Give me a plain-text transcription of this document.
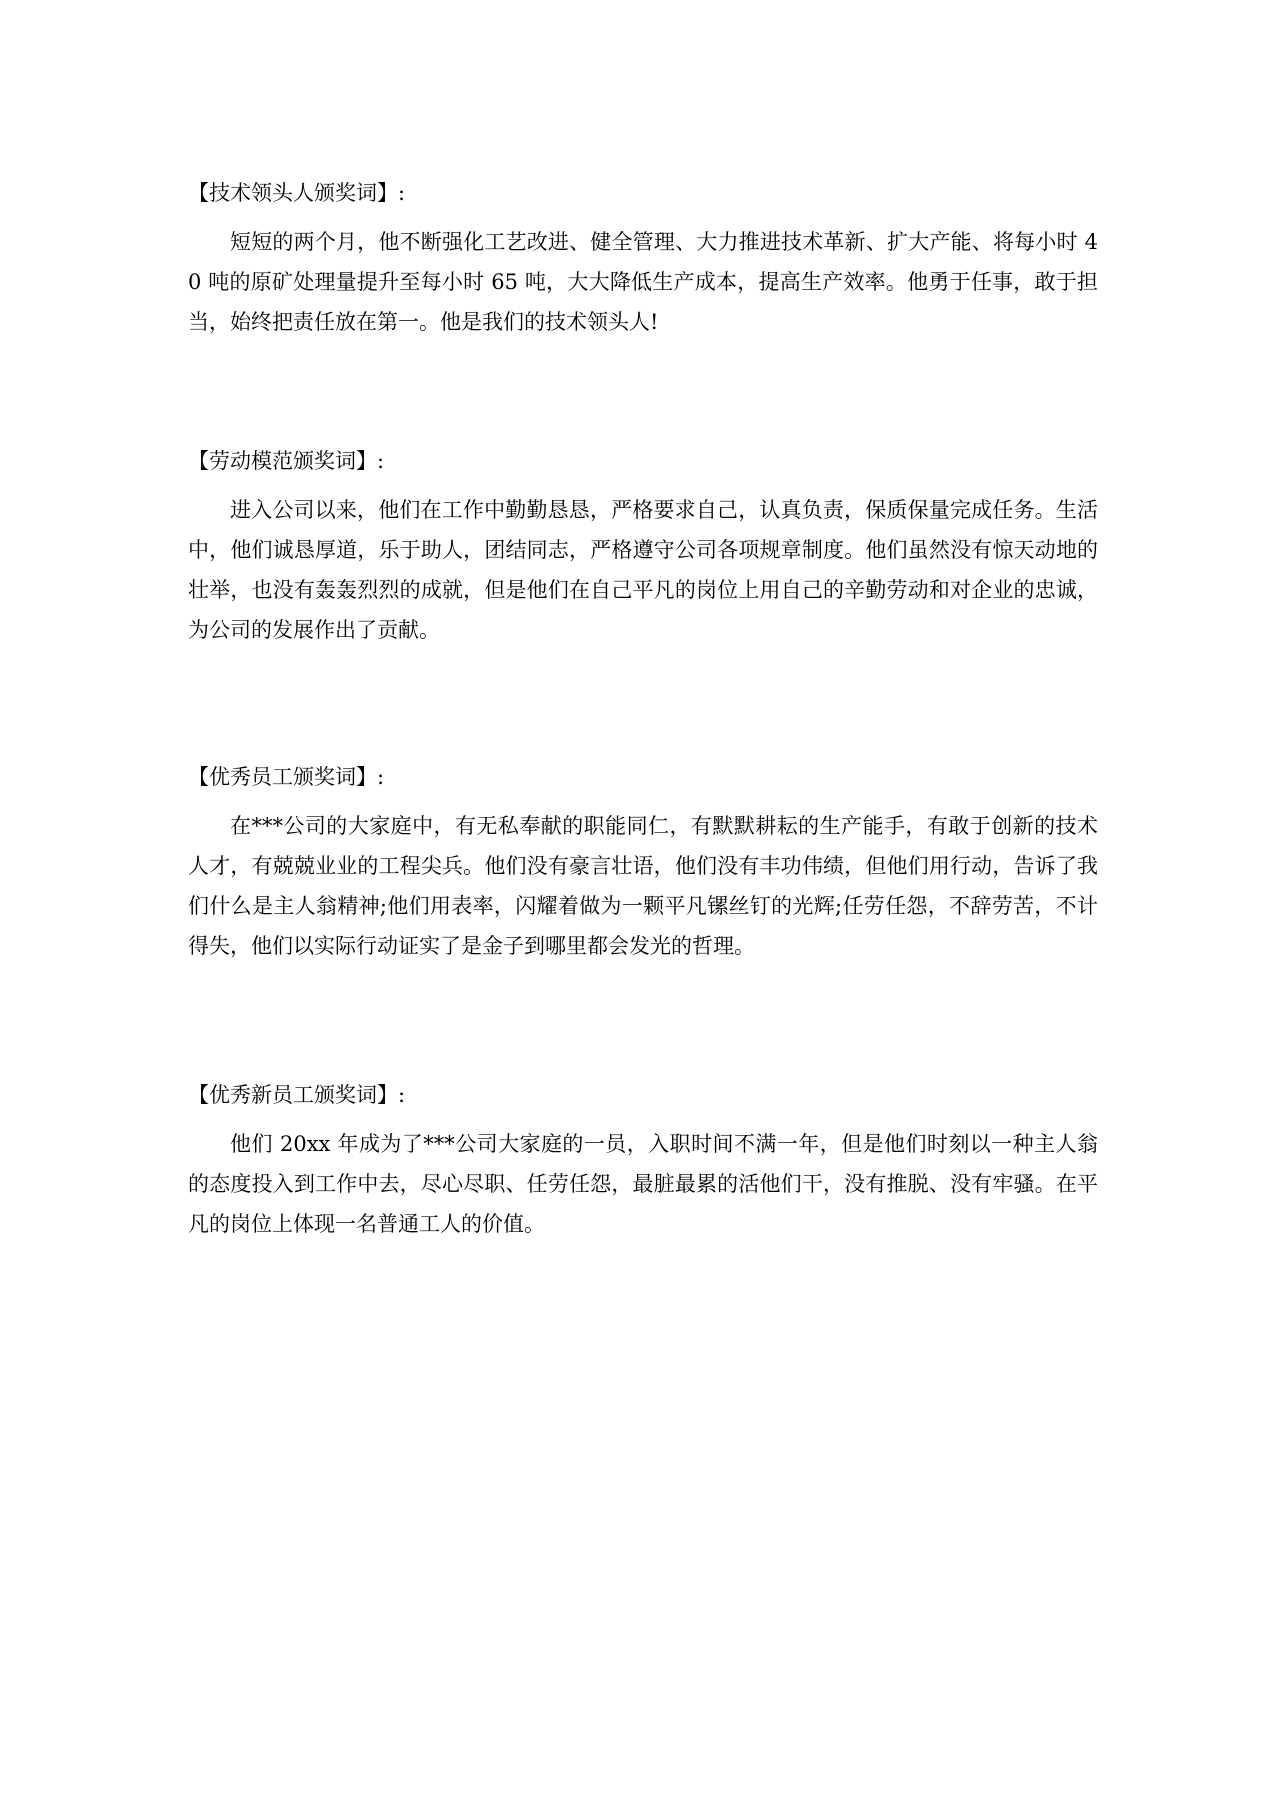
【技术领头人颁奖词】:

短短的两个月，他不断强化工艺改进、健全管理、大力推进技术革新、扩大产能、将每小时 40 吨的原矿处理量提升至每小时 65 吨，大大降低生产成本，提高生产效率。他勇于任事，敢于担当，始终把责任放在第一。他是我们的技术领头人!

【劳动模范颁奖词】:

进入公司以来，他们在工作中勤勤恳恳，严格要求自己，认真负责，保质保量完成任务。生活中，他们诚恳厚道，乐于助人，团结同志，严格遵守公司各项规章制度。他们虽然没有惊天动地的壮举，也没有轰轰烈烈的成就，但是他们在自己平凡的岗位上用自己的辛勤劳动和对企业的忠诚，为公司的发展作出了贡献。

【优秀员工颁奖词】:

在***公司的大家庭中，有无私奉献的职能同仁，有默默耕耘的生产能手，有敢于创新的技术人才，有兢兢业业的工程尖兵。他们没有豪言壮语，他们没有丰功伟绩，但他们用行动，告诉了我们什么是主人翁精神;他们用表率，闪耀着做为一颗平凡镙丝钉的光辉;任劳任怨，不辞劳苦，不计得失，他们以实际行动证实了是金子到哪里都会发光的哲理。

【优秀新员工颁奖词】:

他们 20xx 年成为了***公司大家庭的一员，入职时间不满一年，但是他们时刻以一种主人翁的态度投入到工作中去，尽心尽职、任劳任怨，最脏最累的活他们干，没有推脱、没有牢骚。在平凡的岗位上体现一名普通工人的价值。
